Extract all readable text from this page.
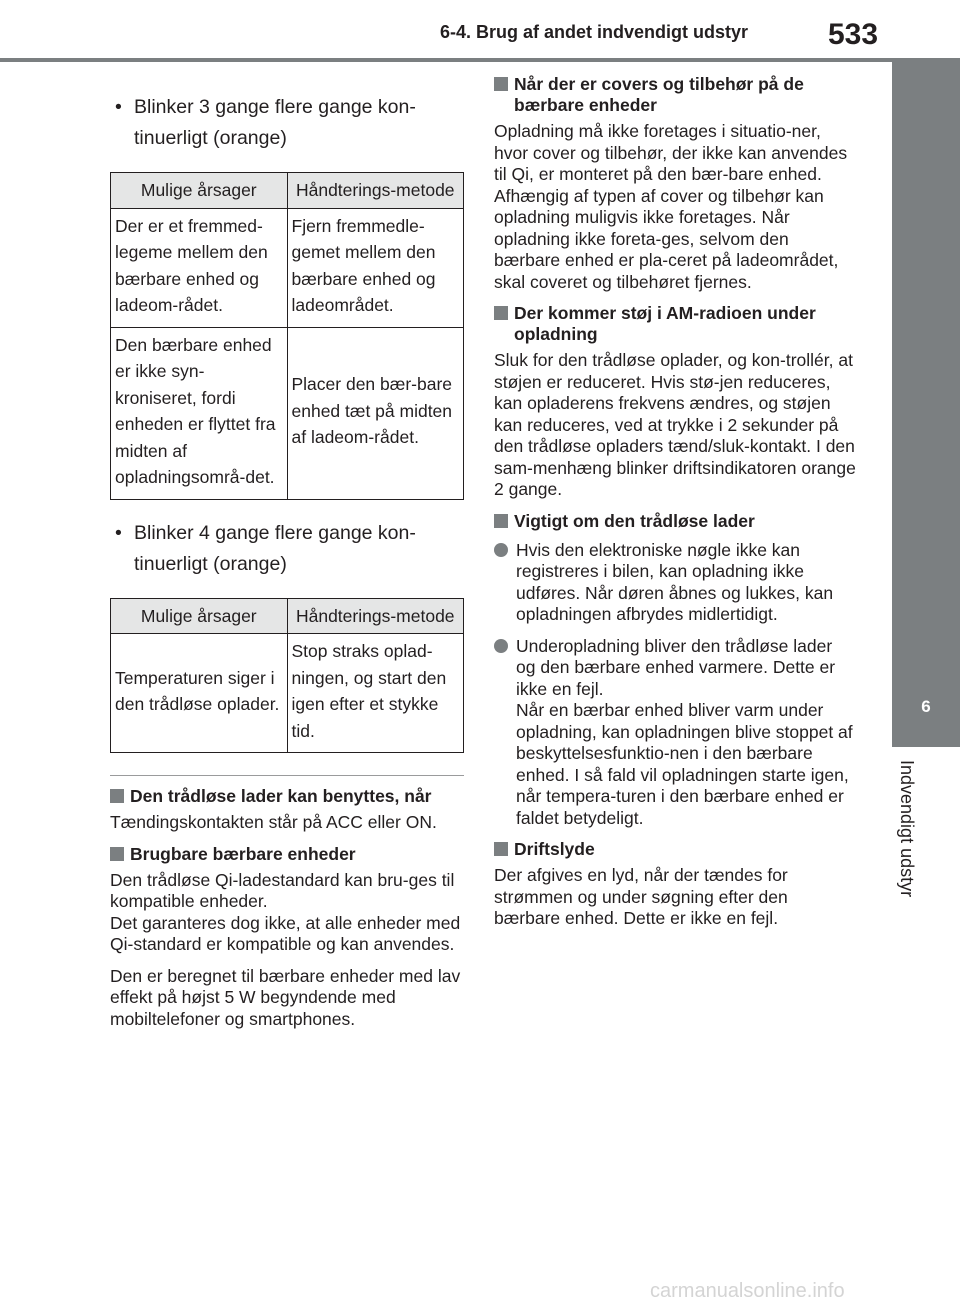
6-4. Brug af andet indvendigt udstyr	533
6
Indvendigt udstyr
• Blinker 3 gange flere gange kon-tinuerligt (orange)
Mulige årsager	Håndterings-metode
Der er et fremmed-legeme mellem den bærbare enhed og ladeom-rådet.	Fjern fremmedle-gemet mellem den bærbare enhed og ladeområdet.
Den bærbare enhed er ikke syn-kroniseret, fordi enheden er flyttet fra midten af opladningsområ-det.	Placer den bær-bare enhed tæt på midten af ladeom-rådet.
• Blinker 4 gange flere gange kon-tinuerligt (orange)
Mulige årsager	Håndterings-metode
Temperaturen siger i den trådløse oplader.	Stop straks oplad-ningen, og start den igen efter et stykke tid.
Den trådløse lader kan benyttes, når
Tændingskontakten står på ACC eller ON.
Brugbare bærbare enheder
Den trådløse Qi-ladestandard kan bru-ges til kompatible enheder.
Det garanteres dog ikke, at alle enheder med Qi-standard er kompatible og kan anvendes.
Den er beregnet til bærbare enheder med lav effekt på højst 5 W begyndende med mobiltelefoner og smartphones.
Når der er covers og tilbehør på de bærbare enheder
Opladning må ikke foretages i situatio-ner, hvor cover og tilbehør, der ikke kan anvendes til Qi, er monteret på den bær-bare enhed. Afhængig af typen af cover og tilbehør kan opladning muligvis ikke foretages. Når opladning ikke foreta-ges, selvom den bærbare enhed er pla-ceret på ladeområdet, skal coveret og tilbehøret fjernes.
Der kommer støj i AM-radioen under opladning
Sluk for den trådløse oplader, og kon-trollér, at støjen er reduceret. Hvis stø-jen reduceres, kan opladerens frekvens ændres, og støjen kan reduceres, ved at trykke i 2 sekunder på den trådløse opladers tænd/sluk-kontakt. I den sam-menhæng blinker driftsindikatoren orange 2 gange.
Vigtigt om den trådløse lader
Hvis den elektroniske nøgle ikke kan registreres i bilen, kan opladning ikke udføres. Når døren åbnes og lukkes, kan opladningen afbrydes midlertidigt.
Underopladning bliver den trådløse lader og den bærbare enhed varmere. Dette er ikke en fejl.
Når en bærbar enhed bliver varm under opladning, kan opladningen blive stoppet af beskyttelsesfunktio-nen i den bærbare enhed. I så fald vil opladningen starte igen, når tempera-turen i den bærbare enhed er faldet betydeligt.
Driftslyde
Der afgives en lyd, når der tændes for strømmen og under søgning efter den bærbare enhed. Dette er ikke en fejl.
carmanualsonline.info
